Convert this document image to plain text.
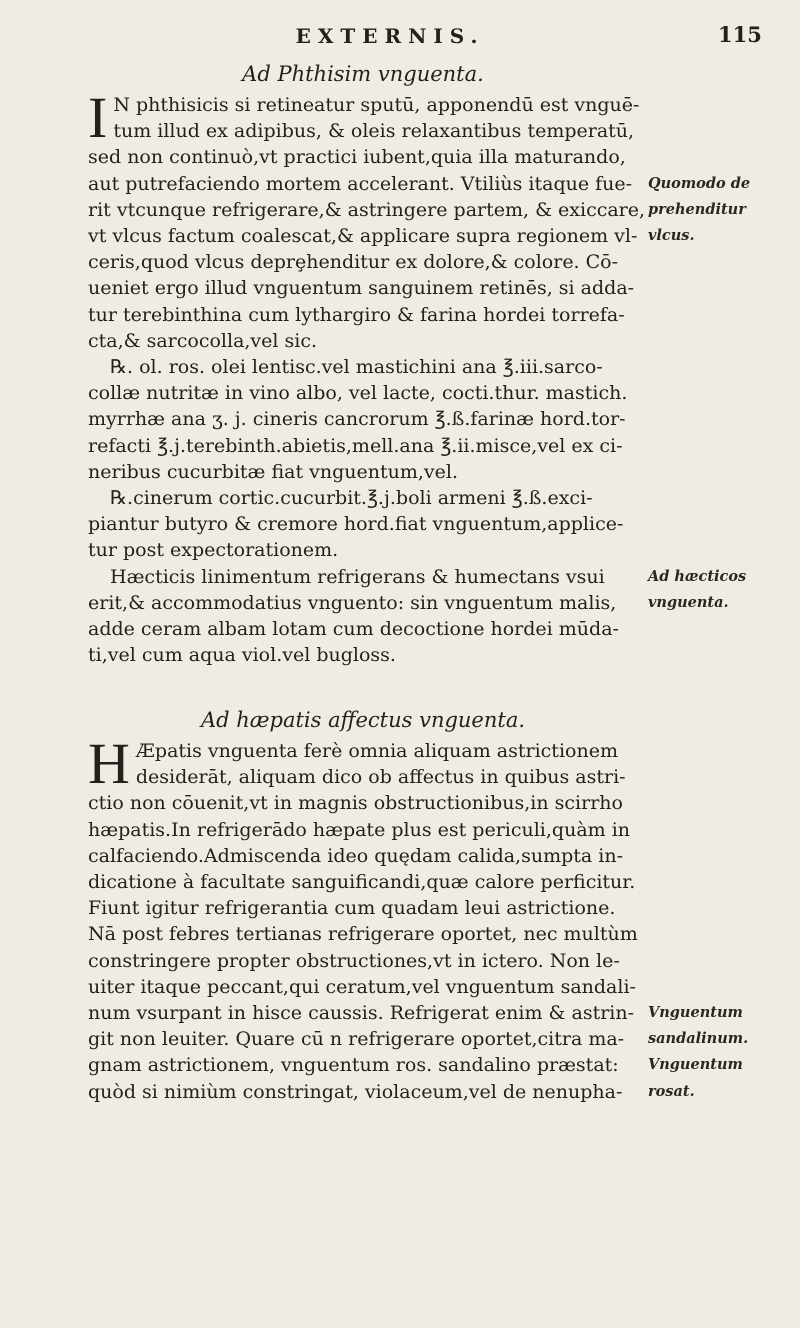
EXTERNIS.	115
Ad Phthisim vnguenta.
I N phthisicis si retineatur sputū, apponendū est vnguē-
tum illud ex adipibus, & oleis relaxantibus temperatū,
sed non continuò,vt practici iubent,quia illa maturando,
aut putrefaciendo mortem accelerant. Vtiliùs itaque fue-
rit vtcunque refrigerare,& astringere partem, & exiccare,
vt vlcus factum coalescat,& applicare supra regionem vl-
ceris,quod vlcus deprȩhenditur ex dolore,& colore. Cō-
ueniet ergo illud vnguentum sanguinem retinēs, si adda-
tur terebinthina cum lythargiro & farina hordei torrefa-
cta,& sarcocolla,vel sic.
℞. ol. ros. olei lentisc.vel mastichini ana ℥.iii.sarco-
collæ nutritæ in vino albo, vel lacte, cocti.thur. mastich.
myrrhæ ana ʒ. j. cineris cancrorum ℥.ß.farinæ hord.tor-
refacti ℥.j.terebinth.abietis,mell.ana ℥.ii.misce,vel ex ci-
neribus cucurbitæ fiat vnguentum,vel.
℞.cinerum cortic.cucurbit.℥.j.boli armeni ℥.ß.exci-
piantur butyro & cremore hord.fiat vnguentum,applice-
tur post expectorationem.
Hæcticis linimentum refrigerans & humectans vsui
erit,& accommodatius vnguento: sin vnguentum malis,
adde ceram albam lotam cum decoctione hordei mūda-
ti,vel cum aqua viol.vel bugloss.
Quomodo de
prehenditur
vlcus.
Ad hæcticos
vnguenta.
Ad hæpatis affectus vnguenta.
H Æpatis vnguenta ferè omnia aliquam astrictionem
desiderāt, aliquam dico ob affectus in quibus astri-
ctio non cōuenit,vt in magnis obstructionibus,in scirrho
hæpatis.In refrigerādo hæpate plus est periculi,quàm in
calfaciendo.Admiscenda ideo quędam calida,sumpta in-
dicatione à facultate sanguificandi,quæ calore perficitur.
Fiunt igitur refrigerantia cum quadam leui astrictione.
Nā post febres tertianas refrigerare oportet, nec multùm
constringere propter obstructiones,vt in ictero. Non le-
uiter itaque peccant,qui ceratum,vel vnguentum sandali-
num vsurpant in hisce caussis. Refrigerat enim & astrin-
git non leuiter. Quare cū n refrigerare oportet,citra ma-
gnam astrictionem, vnguentum ros. sandalino præstat:
quòd si nimiùm constringat, violaceum,vel de nenupha-
Vnguentum
sandalinum.
Vnguentum
rosat.
